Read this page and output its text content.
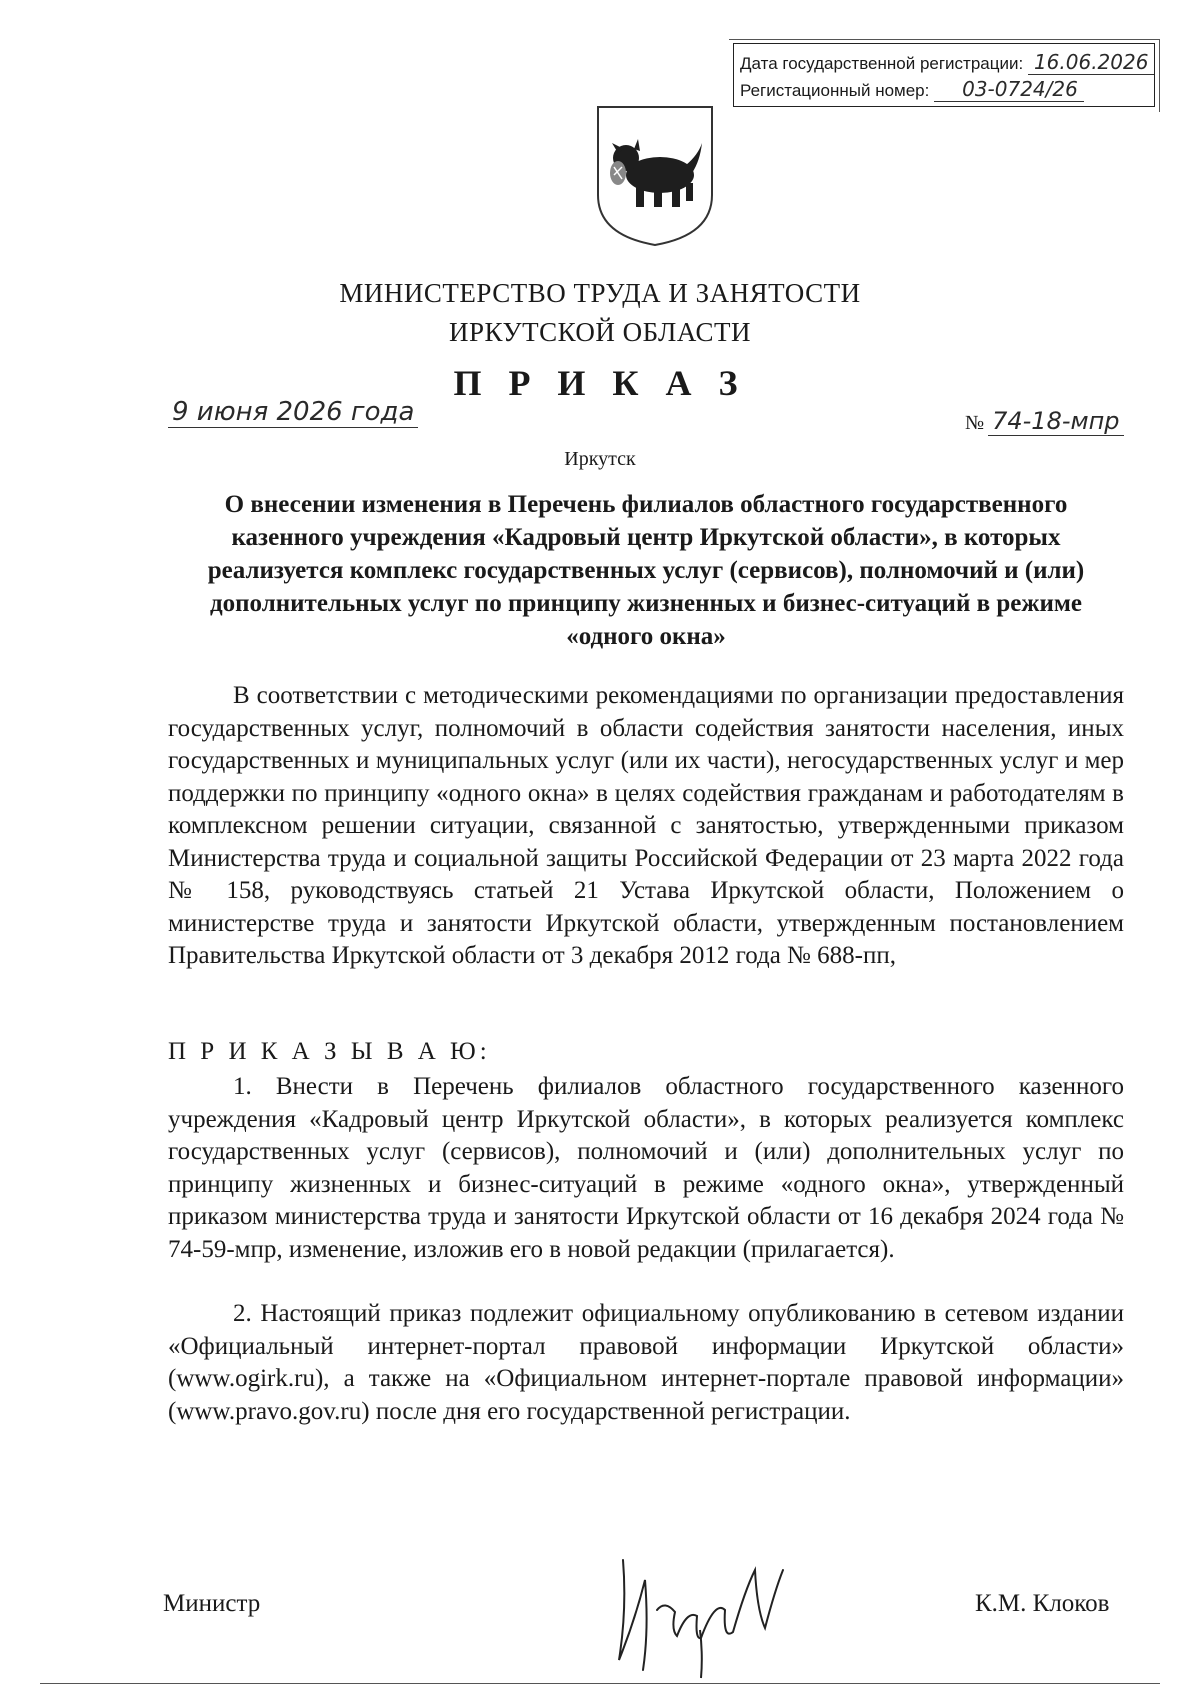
Дата государственной регистрации: 16.06.2026
Регистационный номер: 03-0724/26
МИНИСТЕРСТВО ТРУДА И ЗАНЯТОСТИ
ИРКУТСКОЙ ОБЛАСТИ
П Р И К А З
9 июня 2026 года	№ 74-18-мпр
Иркутск
О внесении изменения в Перечень филиалов областного государственного казенного учреждения «Кадровый центр Иркутской области», в которых реализуется комплекс государственных услуг (сервисов), полномочий и (или) дополнительных услуг по принципу жизненных и бизнес-ситуаций в режиме «одного окна»
В соответствии с методическими рекомендациями по организации предоставления государственных услуг, полномочий в области содействия занятости населения, иных государственных и муниципальных услуг (или их части), негосударственных услуг и мер поддержки по принципу «одного окна» в целях содействия гражданам и работодателям в комплексном решении ситуации, связанной с занятостью, утвержденными приказом Министерства труда и социальной защиты Российской Федерации от 23 марта 2022 года № 158, руководствуясь статьей 21 Устава Иркутской области, Положением о министерстве труда и занятости Иркутской области, утвержденным постановлением Правительства Иркутской области от 3 декабря 2012 года № 688-пп,
П Р И К А З Ы В А Ю:
1. Внести в Перечень филиалов областного государственного казенного учреждения «Кадровый центр Иркутской области», в которых реализуется комплекс государственных услуг (сервисов), полномочий и (или) дополнительных услуг по принципу жизненных и бизнес-ситуаций в режиме «одного окна», утвержденный приказом министерства труда и занятости Иркутской области от 16 декабря 2024 года № 74-59-мпр, изменение, изложив его в новой редакции (прилагается).
2. Настоящий приказ подлежит официальному опубликованию в сетевом издании «Официальный интернет-портал правовой информации Иркутской области» (www.ogirk.ru), а также на «Официальном интернет-портале правовой информации» (www.pravo.gov.ru) после дня его государственной регистрации.
Министр	К.М. Клоков
